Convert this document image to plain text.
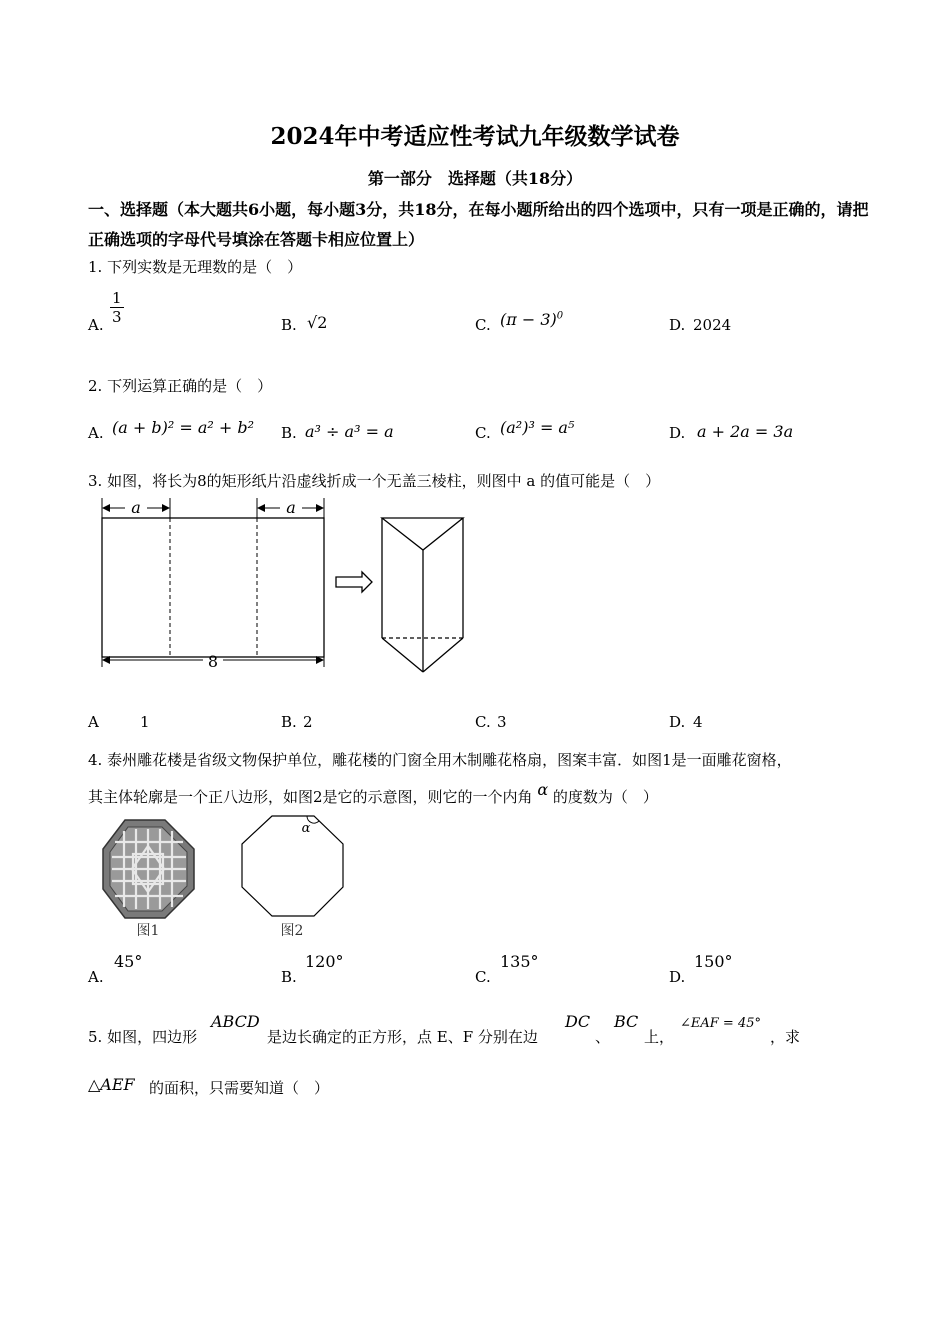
2024年中考适应性考试九年级数学试卷
第一部分　选择题（共18分）
一、选择题（本大题共6小题，每小题3分，共18分，在每小题所给出的四个选项中，只有一项是正确的，请把正确选项的字母代号填涂在答题卡相应位置上）
1. 下列实数是无理数的是（　）
A. $\frac{1}{3}$	B. √2	C. $(\pi - 3)^0$	D. 2024
2. 下列运算正确的是（　）
A. (a + b)² = a² + b² B. a³ ÷ a³ = a	C. (a²)³ = a⁵	D. a + 2a = 3a
3. 如图，将长为8的矩形纸片沿虚线折成一个无盖三棱柱，则图中 a 的值可能是（　）
a	a
8
A	1	B. 2	C. 3	D. 4
4. 泰州雕花楼是省级文物保护单位，雕花楼的门窗全用木制雕花格扇，图案丰富．如图1是一面雕花窗格，
其主体轮廓是一个正八边形，如图2是它的示意图，则它的一个内角 α 的度数为（　）
图1
α
图2
A.
45°
B.
120°
C.
135°
D.
150°
5. 如图，四边形
ABCD
是边长确定的正方形，点 E、F 分别在边
DC
、
BC
上，
∠EAF = 45°
，求
△AEF 的面积，只需要知道（　）
